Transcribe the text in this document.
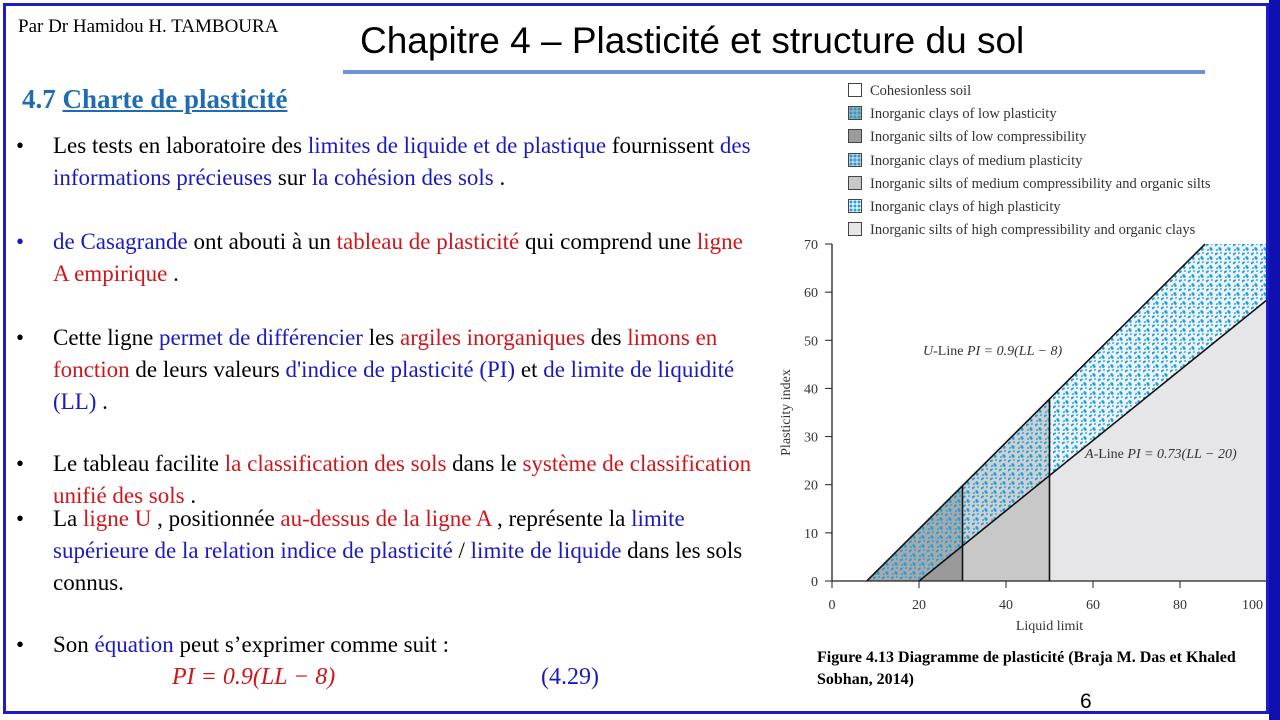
Par Dr Hamidou H. TAMBOURA Chapitre 4 – Plasticité et structure du sol
4.7 Charte de plasticité
• Les tests en laboratoire des limites de liquide et de plastique fournissent des informations précieuses sur la cohésion des sols .
• de Casagrande ont abouti à un tableau de plasticité qui comprend une ligne A empirique .
• Cette ligne permet de différencier les argiles inorganiques des limons en fonction de leurs valeurs d'indice de plasticité (PI) et de limite de liquidité (LL) .
• Le tableau facilite la classification des sols dans le système de classification unifié des sols .
• La ligne U , positionnée au-dessus de la ligne A , représente la limite supérieure de la relation indice de plasticité / limite de liquide dans les sols connus.
• Son équation peut s’exprimer comme suit :
PI = 0.9(LL − 8)	(4.29)
Cohesionless soil
Inorganic clays of low plasticity
Inorganic silts of low compressibility
Inorganic clays of medium plasticity
Inorganic silts of medium compressibility and organic silts
Inorganic clays of high plasticity
Inorganic silts of high compressibility and organic clays
0
10
20
30
40
50
60
70
0	20	40	60	80	100
Liquid limit
Plasticity index
U-Line PI = 0.9(LL − 8)
A-Line PI = 0.73(LL − 20)
Figure 4.13 Diagramme de plasticité (Braja M. Das et Khaled Sobhan, 2014)
6
